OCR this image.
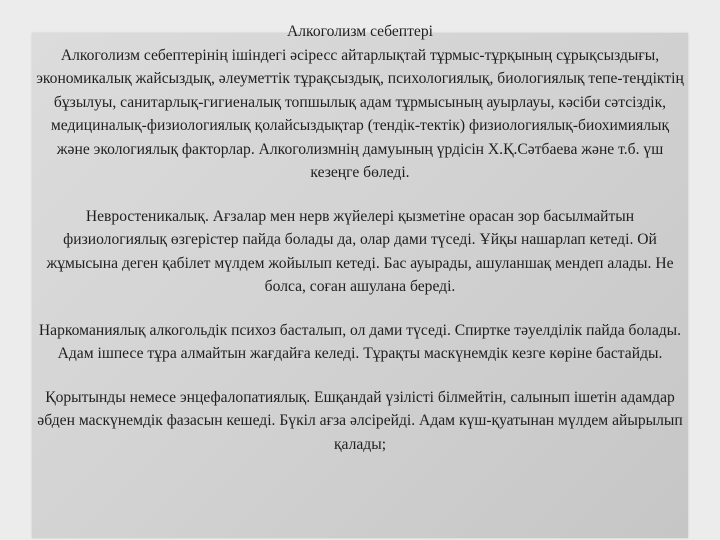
Алкоголизм себептері

Алкоголизм себептерінің ішіндегі әсіресс айтарлықтай тұрмыс-тұрқының сұрықсыздығы, экономикалық жайсыздық, әлеуметтік тұрақсыздық, психологиялық, биологиялық тепе-теңдіктің бұзылуы, санитарлық-гигиеналық топшылық адам тұрмысының ауырлауы, кәсіби сәтсіздік, медициналық-физиологиялық қолайсыздықтар (тендік-тектік) физиологиялық-биохимиялық және экологиялық факторлар. Алкоголизмнің дамуының үрдісін Х.Қ.Сәтбаева және т.б. үш кезеңге бөледі.

Невростеникалық. Ағзалар мен нерв жүйелері қызметіне орасан зор басылмайтын физиологиялық өзгерістер пайда болады да, олар дами түседі. Ұйқы нашарлап кетеді. Ой жұмысына деген қабілет мүлдем жойылып кетеді. Бас ауырады, ашуланшақ мендеп алады. Не болса, соған ашулана береді.

Наркоманиялық алкогольдік психоз басталып, ол дами түседі. Спиртке тәуелділік пайда болады. Адам ішпесе тұра алмайтын жағдайға келеді. Тұрақты маскүнемдік кезге көріне бастайды.

Қорытынды немесе энцефалопатиялық. Ешқандай үзілісті білмейтін, салынып ішетін адамдар әбден маскүнемдік фазасын кешеді. Бүкіл ағза әлсірейді. Адам күш-қуатынан мүлдем айырылып қалады;
